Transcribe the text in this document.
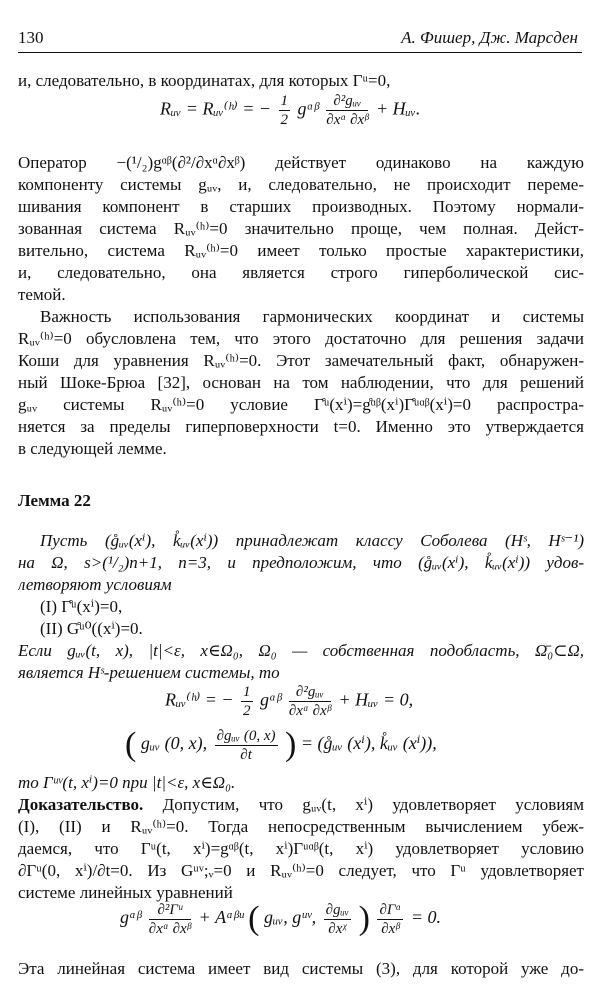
130	А. Фишер, Дж. Марсден
и, следовательно, в координатах, для которых Γᵘ=0,
Rᵤᵥ = Rᵤᵥ⁽ʰ⁾ = − $\frac{1}{2}$ gᵅᵝ $\frac{\text{∂²gᵤᵥ}}{\text{∂xᵅ ∂xᵝ}}$ + Hᵤᵥ.
Оператор −(¹/₂)gᵅᵝ(∂²/∂xᵅ∂xᵝ) действует одинаково на каждую
компоненту системы gᵤᵥ, и, следовательно, не происходит переме-
шивания компонент в старших производных. Поэтому нормали-
зованная система Rᵤᵥ⁽ʰ⁾=0 значительно проще, чем полная. Дейст-
вительно, система Rᵤᵥ⁽ʰ⁾=0 имеет только простые характеристики,
и, следовательно, она является строго гиперболической сис-
темой.
Важность использования гармонических координат и системы
Rᵤᵥ⁽ʰ⁾=0 обусловлена тем, что этого достаточно для решения задачи
Коши для уравнения Rᵤᵥ⁽ʰ⁾=0. Этот замечательный факт, обнаружен-
ный Шоке-Брюа [32], основан на том наблюдении, что для решений
gᵤᵥ системы Rᵤᵥ⁽ʰ⁾=0 условие Γ̊ᵘ(xⁱ)=g̊ᵅᵝ(xⁱ)Γ̊ᵘᵅᵝ(xⁱ)=0 распростра-
няется за пределы гиперповерхности t=0. Именно это утверждается
в следующей лемме.
Лемма 22
Пусть (g̊ᵤᵥ(xⁱ), k̊ᵤᵥ(xⁱ)) принадлежат классу Соболева (Hˢ, Hˢ⁻¹)
на Ω, s>(¹/₂)n+1, n=3, и предположим, что (g̊ᵤᵥ(xⁱ), k̊ᵤᵥ(xⁱ)) удов-
летворяют условиям
(I) Γ̊ᵘ(xⁱ)=0,
(II) G̊ᵘ⁰((xⁱ)=0.
Если gᵤᵥ(t, x), |t|<ε, x∈Ω₀, Ω₀ — собственная подобласть, Ω̄₀⊂Ω,
является Hˢ-решением системы, то
Rᵤᵥ⁽ʰ⁾ = − $\frac{1}{2}$ gᵅᵝ $\frac{\text{∂²gᵤᵥ}}{\text{∂xᵅ ∂xᵝ}}$ + Hᵤᵥ = 0,
( gᵤᵥ (0, x), $\frac{\text{∂gᵤᵥ (0, x)}}{\partial t}$ ) = (g̊ᵤᵥ (xⁱ), k̊ᵤᵥ (xⁱ)),
то Γᵘᵛ(t, xⁱ)=0 при |t|<ε, x∈Ω₀.
Доказательство. Допустим, что gᵤᵥ(t, xⁱ) удовлетворяет условиям
(I), (II) и Rᵤᵥ⁽ʰ⁾=0. Тогда непосредственным вычислением убеж-
даемся, что Γᵘ(t, xⁱ)=gᵅᵝ(t, xⁱ)Γᵘᵅᵝ(t, xⁱ) удовлетворяет условию
∂Γᵘ(0, xⁱ)/∂t=0. Из Gᵘᵛ;ᵥ=0 и Rᵤᵥ⁽ʰ⁾=0 следует, что Γᵘ удовлетворяет
системе линейных уравнений
gᵅᵝ $\frac{\text{∂²Γᵘ}}{\text{∂xᵅ ∂xᵝ}}$ + Aᵅᵝᵘ ( gᵤᵥ, gᵘᵛ, $\frac{\text{∂gᵤᵥ}}{\text{∂xᵡ}}$ ) $\frac{\text{∂Γᵅ}}{\text{∂xᵝ}} = 0$.
Эта линейная система имеет вид системы (3), для которой уже до-
